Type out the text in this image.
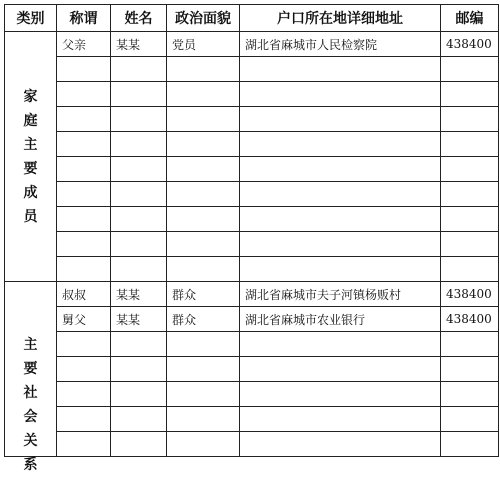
类别	称谓	姓名	政治面貌	户口所在地详细地址	邮编
家庭主要成员	父亲	某某	党员	湖北省麻城市人民检察院	438400

主要社会关系	叔叔	某某	群众	湖北省麻城市夫子河镇杨贩村	438400
	舅父	某某	群众	湖北省麻城市农业银行	438400
